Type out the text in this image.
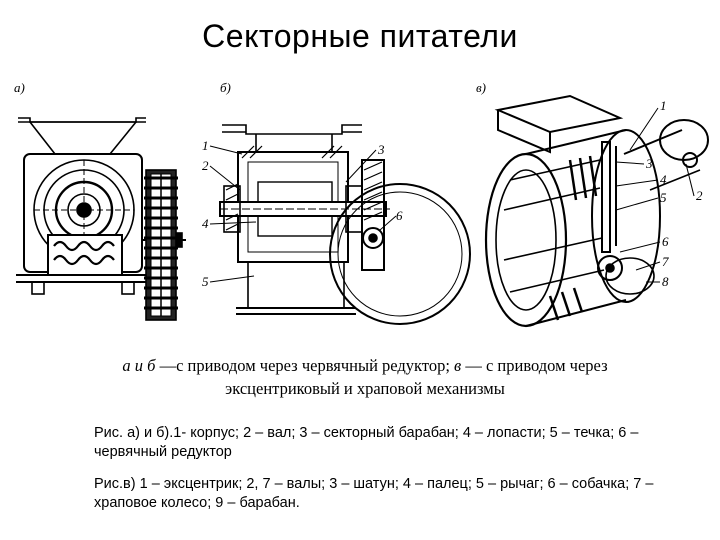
Секторные питатели
а)	б)
1
2
3
4
5
6
в)
1
2
3
4
5
6
7
8
а и б —с приводом через червячный редуктор; в — с приводом через
эксцентриковый и храповой механизмы
Рис. а) и б).1- корпус; 2 – вал; 3 – секторный барабан; 4 – лопасти; 5 – течка; 6 – червячный редуктор
Рис.в) 1 – эксцентрик; 2, 7 – валы; 3 – шатун; 4 – палец; 5 – рычаг; 6 – собачка; 7 – храповое колесо; 9 – барабан.
